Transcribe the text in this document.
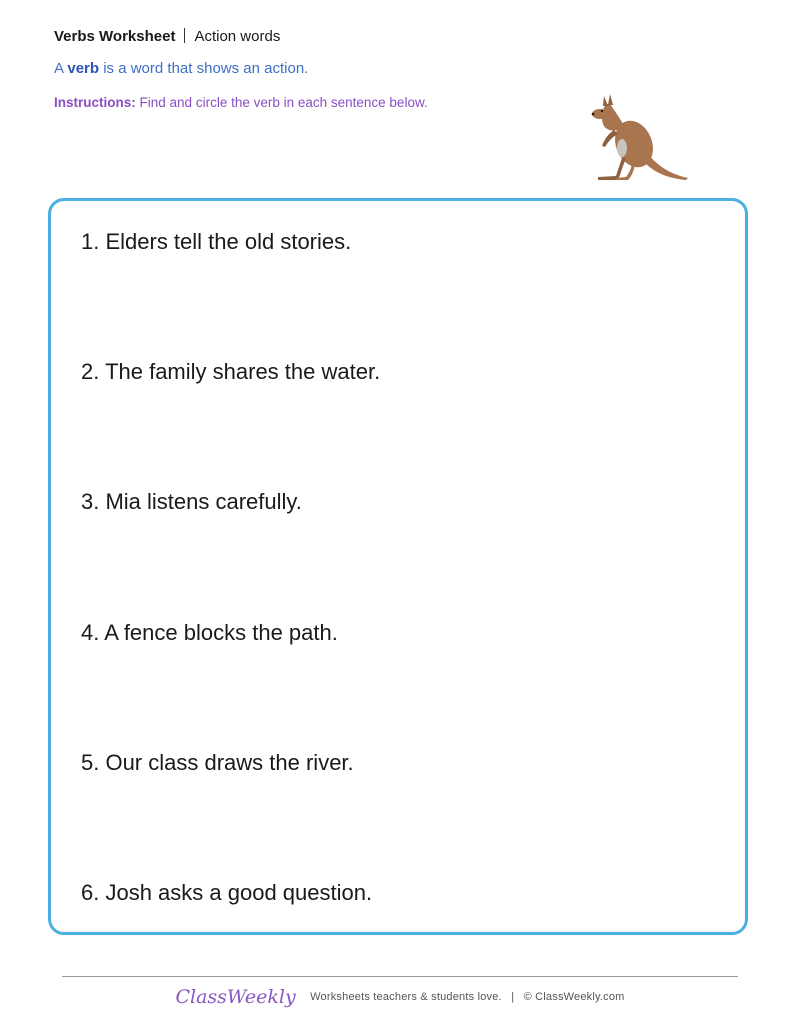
Verbs Worksheet Action words
A verb is a word that shows an action.
Instructions: Find and circle the verb in each sentence below.
1. Elders tell the old stories.
2. The family shares the water.
3. Mia listens carefully.
4. A fence blocks the path.
5. Our class draws the river.
6. Josh asks a good question.
ClassWeekly Worksheets teachers & students love. | © ClassWeekly.com
